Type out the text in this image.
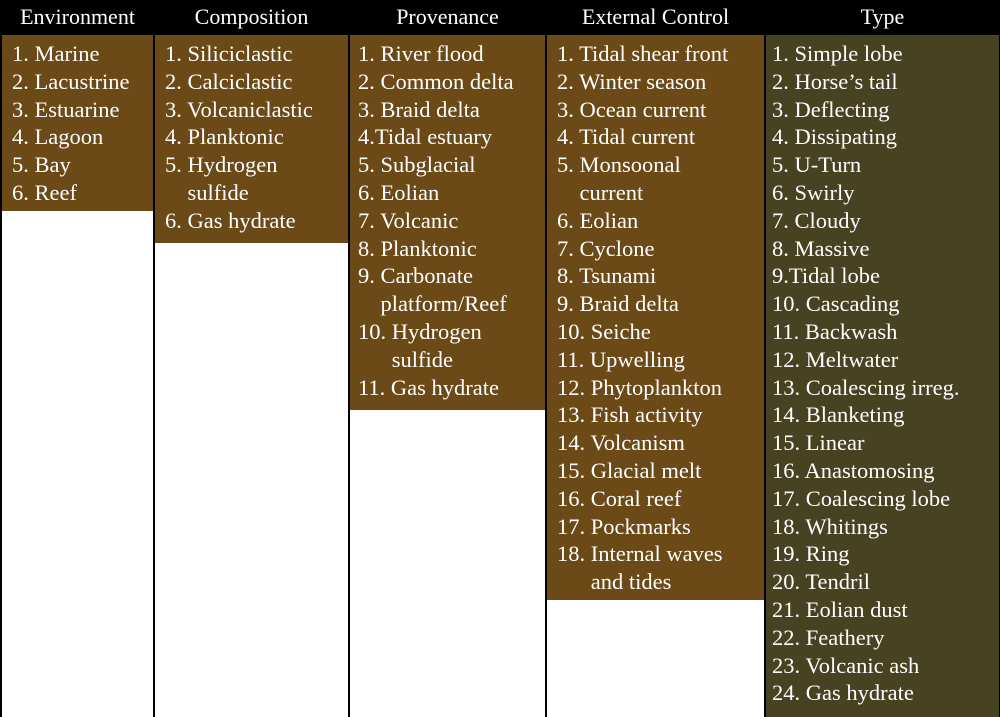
Environment
1. Marine
2. Lacustrine
3. Estuarine
4. Lagoon
5. Bay
6. Reef
Composition
1. Siliciclastic
2. Calciclastic
3. Volcaniclastic
4. Planktonic
5. Hydrogen
sulfide
6. Gas hydrate
Provenance
1. River flood
2. Common delta
3. Braid delta
4.Tidal estuary
5. Subglacial
6. Eolian
7. Volcanic
8. Planktonic
9. Carbonate
platform/Reef
10. Hydrogen
sulfide
11. Gas hydrate
External Control
1. Tidal shear front
2. Winter season
3. Ocean current
4. Tidal current
5. Monsoonal
current
6. Eolian
7. Cyclone
8. Tsunami
9. Braid delta
10. Seiche
11. Upwelling
12. Phytoplankton
13. Fish activity
14. Volcanism
15. Glacial melt
16. Coral reef
17. Pockmarks
18. Internal waves
and tides
Type
1. Simple lobe
2. Horse’s tail
3. Deflecting
4. Dissipating
5. U-Turn
6. Swirly
7. Cloudy
8. Massive
9.Tidal lobe
10. Cascading
11. Backwash
12. Meltwater
13. Coalescing irreg.
14. Blanketing
15. Linear
16. Anastomosing
17. Coalescing lobe
18. Whitings
19. Ring
20. Tendril
21. Eolian dust
22. Feathery
23. Volcanic ash
24. Gas hydrate
